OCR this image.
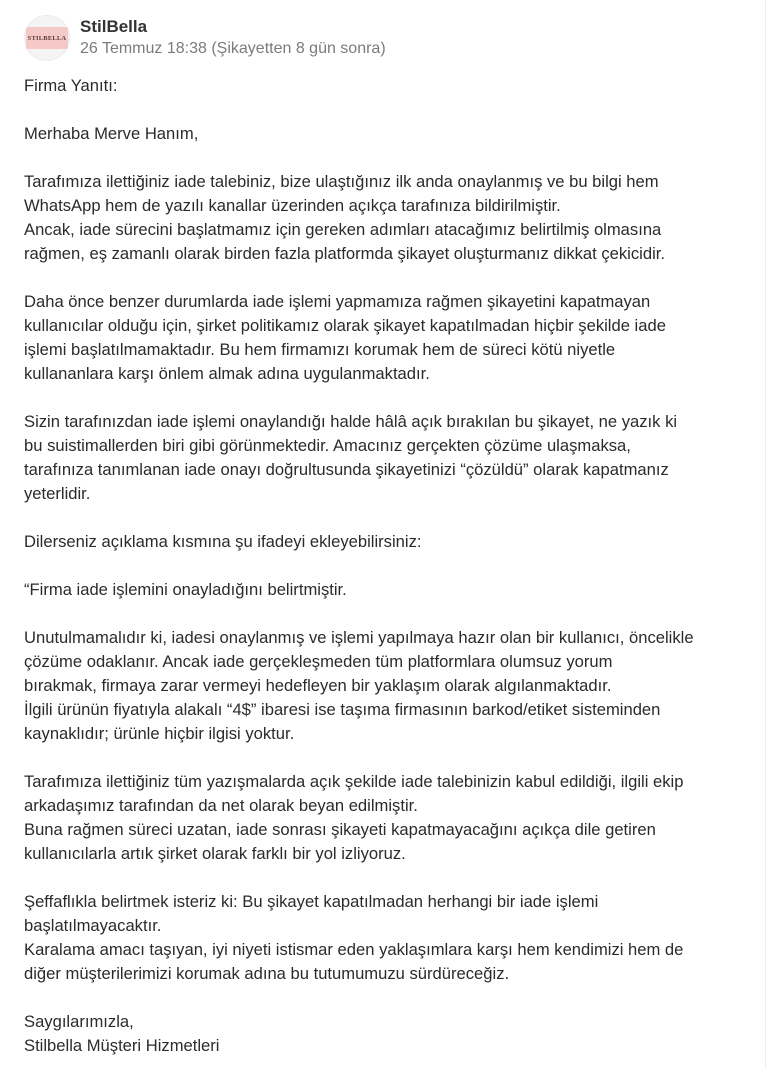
STILBELLA
StilBella
26 Temmuz 18:38 (Şikayetten 8 gün sonra)
Firma Yanıtı:
Merhaba Merve Hanım,
Tarafımıza ilettiğiniz iade talebiniz, bize ulaştığınız ilk anda onaylanmış ve bu bilgi hem
WhatsApp hem de yazılı kanallar üzerinden açıkça tarafınıza bildirilmiştir.
Ancak, iade sürecini başlatmamız için gereken adımları atacağımız belirtilmiş olmasına
rağmen, eş zamanlı olarak birden fazla platformda şikayet oluşturmanız dikkat çekicidir.
Daha önce benzer durumlarda iade işlemi yapmamıza rağmen şikayetini kapatmayan
kullanıcılar olduğu için, şirket politikamız olarak şikayet kapatılmadan hiçbir şekilde iade
işlemi başlatılmamaktadır. Bu hem firmamızı korumak hem de süreci kötü niyetle
kullananlara karşı önlem almak adına uygulanmaktadır.
Sizin tarafınızdan iade işlemi onaylandığı halde hâlâ açık bırakılan bu şikayet, ne yazık ki
bu suistimallerden biri gibi görünmektedir. Amacınız gerçekten çözüme ulaşmaksa,
tarafınıza tanımlanan iade onayı doğrultusunda şikayetinizi “çözüldü” olarak kapatmanız
yeterlidir.
Dilerseniz açıklama kısmına şu ifadeyi ekleyebilirsiniz:
“Firma iade işlemini onayladığını belirtmiştir.
Unutulmamalıdır ki, iadesi onaylanmış ve işlemi yapılmaya hazır olan bir kullanıcı, öncelikle
çözüme odaklanır. Ancak iade gerçekleşmeden tüm platformlara olumsuz yorum
bırakmak, firmaya zarar vermeyi hedefleyen bir yaklaşım olarak algılanmaktadır.
İlgili ürünün fiyatıyla alakalı “4$” ibaresi ise taşıma firmasının barkod/etiket sisteminden
kaynaklıdır; ürünle hiçbir ilgisi yoktur.
Tarafımıza ilettiğiniz tüm yazışmalarda açık şekilde iade talebinizin kabul edildiği, ilgili ekip
arkadaşımız tarafından da net olarak beyan edilmiştir.
Buna rağmen süreci uzatan, iade sonrası şikayeti kapatmayacağını açıkça dile getiren
kullanıcılarla artık şirket olarak farklı bir yol izliyoruz.
Şeffaflıkla belirtmek isteriz ki: Bu şikayet kapatılmadan herhangi bir iade işlemi
başlatılmayacaktır.
Karalama amacı taşıyan, iyi niyeti istismar eden yaklaşımlara karşı hem kendimizi hem de
diğer müşterilerimizi korumak adına bu tutumumuzu sürdüreceğiz.
Saygılarımızla,
Stilbella Müşteri Hizmetleri
